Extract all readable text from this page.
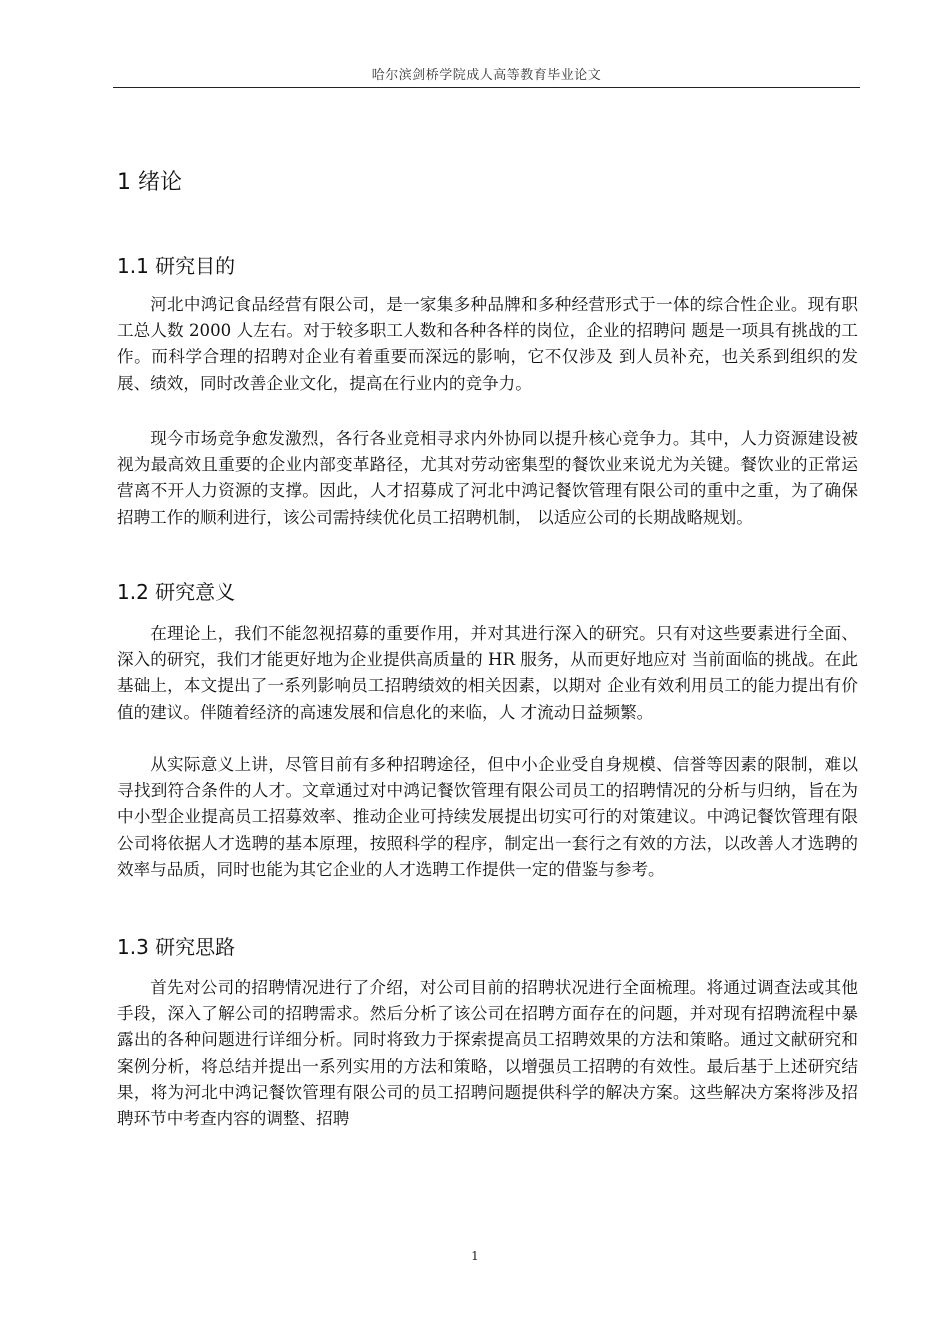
哈尔滨剑桥学院成人高等教育毕业论文
1 绪论
1.1 研究目的

河北中鸿记食品经营有限公司，是一家集多种品牌和多种经营形式于一体的综合性企业。现有职工总人数 2000 人左右。对于较多职工人数和各种各样的岗位，企业的招聘问 题是一项具有挑战的工作。而科学合理的招聘对企业有着重要而深远的影响，它不仅涉及 到人员补充，也关系到组织的发展、绩效，同时改善企业文化，提高在行业内的竞争力。

现今市场竞争愈发激烈，各行各业竞相寻求内外协同以提升核心竞争力。其中，人力资源建设被视为最高效且重要的企业内部变革路径，尤其对劳动密集型的餐饮业来说尤为关键。餐饮业的正常运营离不开人力资源的支撑。因此，人才招募成了河北中鸿记餐饮管理有限公司的重中之重，为了确保招聘工作的顺利进行，该公司需持续优化员工招聘机制， 以适应公司的长期战略规划。

1.2 研究意义

在理论上，我们不能忽视招募的重要作用，并对其进行深入的研究。只有对这些要素进行全面、深入的研究，我们才能更好地为企业提供高质量的 HR 服务，从而更好地应对 当前面临的挑战。在此基础上，本文提出了一系列影响员工招聘绩效的相关因素，以期对 企业有效利用员工的能力提出有价值的建议。伴随着经济的高速发展和信息化的来临，人 才流动日益频繁。

从实际意义上讲，尽管目前有多种招聘途径，但中小企业受自身规模、信誉等因素的限制，难以寻找到符合条件的人才。文章通过对中鸿记餐饮管理有限公司员工的招聘情况的分析与归纳，旨在为中小型企业提高员工招募效率、推动企业可持续发展提出切实可行的对策建议。中鸿记餐饮管理有限公司将依据人才选聘的基本原理，按照科学的程序，制定出一套行之有效的方法，以改善人才选聘的效率与品质，同时也能为其它企业的人才选聘工作提供一定的借鉴与参考。

1.3 研究思路

首先对公司的招聘情况进行了介绍，对公司目前的招聘状况进行全面梳理。将通过调查法或其他手段，深入了解公司的招聘需求。然后分析了该公司在招聘方面存在的问题，并对现有招聘流程中暴露出的各种问题进行详细分析。同时将致力于探索提高员工招聘效果的方法和策略。通过文献研究和案例分析，将总结并提出一系列实用的方法和策略，以增强员工招聘的有效性。最后基于上述研究结果，将为河北中鸿记餐饮管理有限公司的员工招聘问题提供科学的解决方案。这些解决方案将涉及招聘环节中考查内容的调整、招聘

1
